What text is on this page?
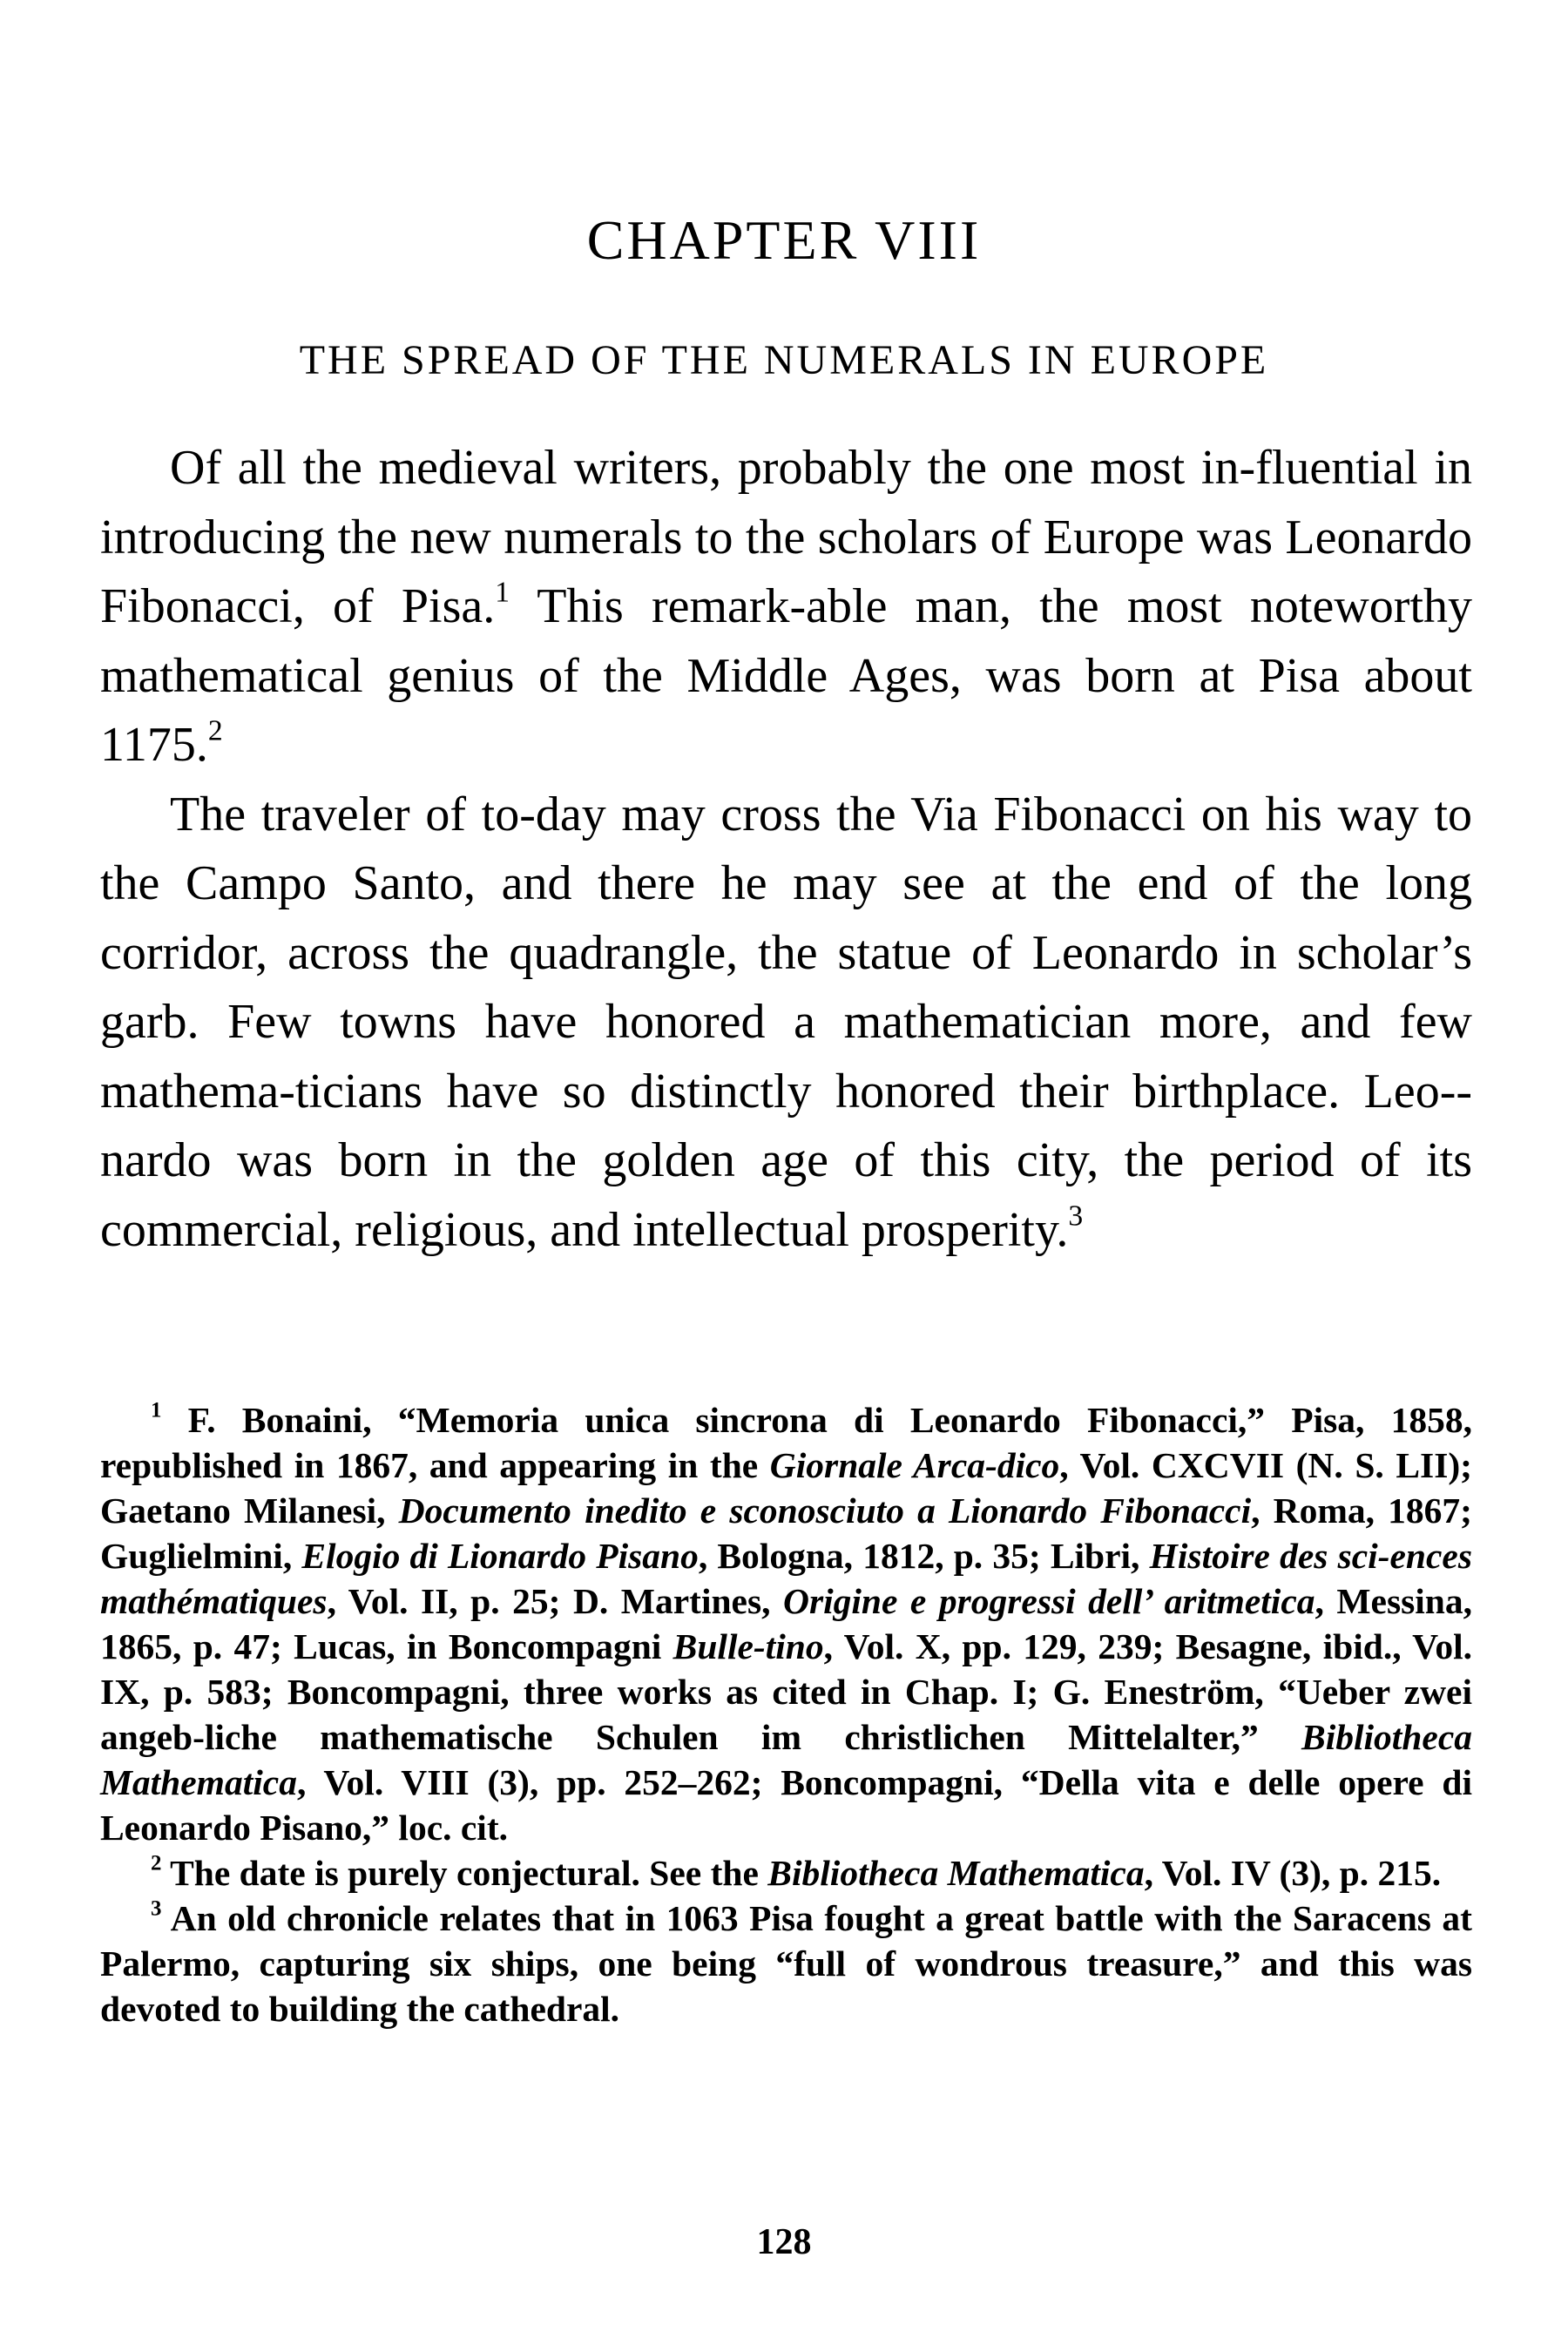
CHAPTER VIII
THE SPREAD OF THE NUMERALS IN EUROPE

Of all the medieval writers, probably the one most in-fluential in introducing the new numerals to the scholars of Europe was Leonardo Fibonacci, of Pisa.$^1$ This remark-able man, the most noteworthy mathematical genius of the Middle Ages, was born at Pisa about 1175.$^2$

The traveler of to-day may cross the Via Fibonacci on his way to the Campo Santo, and there he may see at the end of the long corridor, across the quadrangle, the statue of Leonardo in scholar’s garb. Few towns have honored a mathematician more, and few mathema-ticians have so distinctly honored their birthplace. Leo-nardo was born in the golden age of this city, the period of its commercial, religious, and intellectual prosperity.$^3$

$^1$ F. Bonaini, “Memoria unica sincrona di Leonardo Fibonacci,” Pisa, 1858, republished in 1867, and appearing in the Giornale Arca-dico, Vol. CXCVII (N. S. LII); Gaetano Milanesi, Documento inedito e sconosciuto a Lionardo Fibonacci, Roma, 1867; Guglielmini, Elogio di Lionardo Pisano, Bologna, 1812, p. 35; Libri, Histoire des sci-ences mathématiques, Vol. II, p. 25; D. Martines, Origine e progressi dell’ aritmetica, Messina, 1865, p. 47; Lucas, in Boncompagni Bulle-tino, Vol. X, pp. 129, 239; Besagne, ibid., Vol. IX, p. 583; Boncompagni, three works as cited in Chap. I; G. Eneström, “Ueber zwei angeb-liche mathematische Schulen im christlichen Mittelalter,” Bibliotheca Mathematica, Vol. VIII (3), pp. 252–262; Boncompagni, “Della vita e delle opere di Leonardo Pisano,” loc. cit.

$^2$ The date is purely conjectural. See the Bibliotheca Mathematica, Vol. IV (3), p. 215.

$^3$ An old chronicle relates that in 1063 Pisa fought a great battle with the Saracens at Palermo, capturing six ships, one being “full of wondrous treasure,” and this was devoted to building the cathedral.

128
